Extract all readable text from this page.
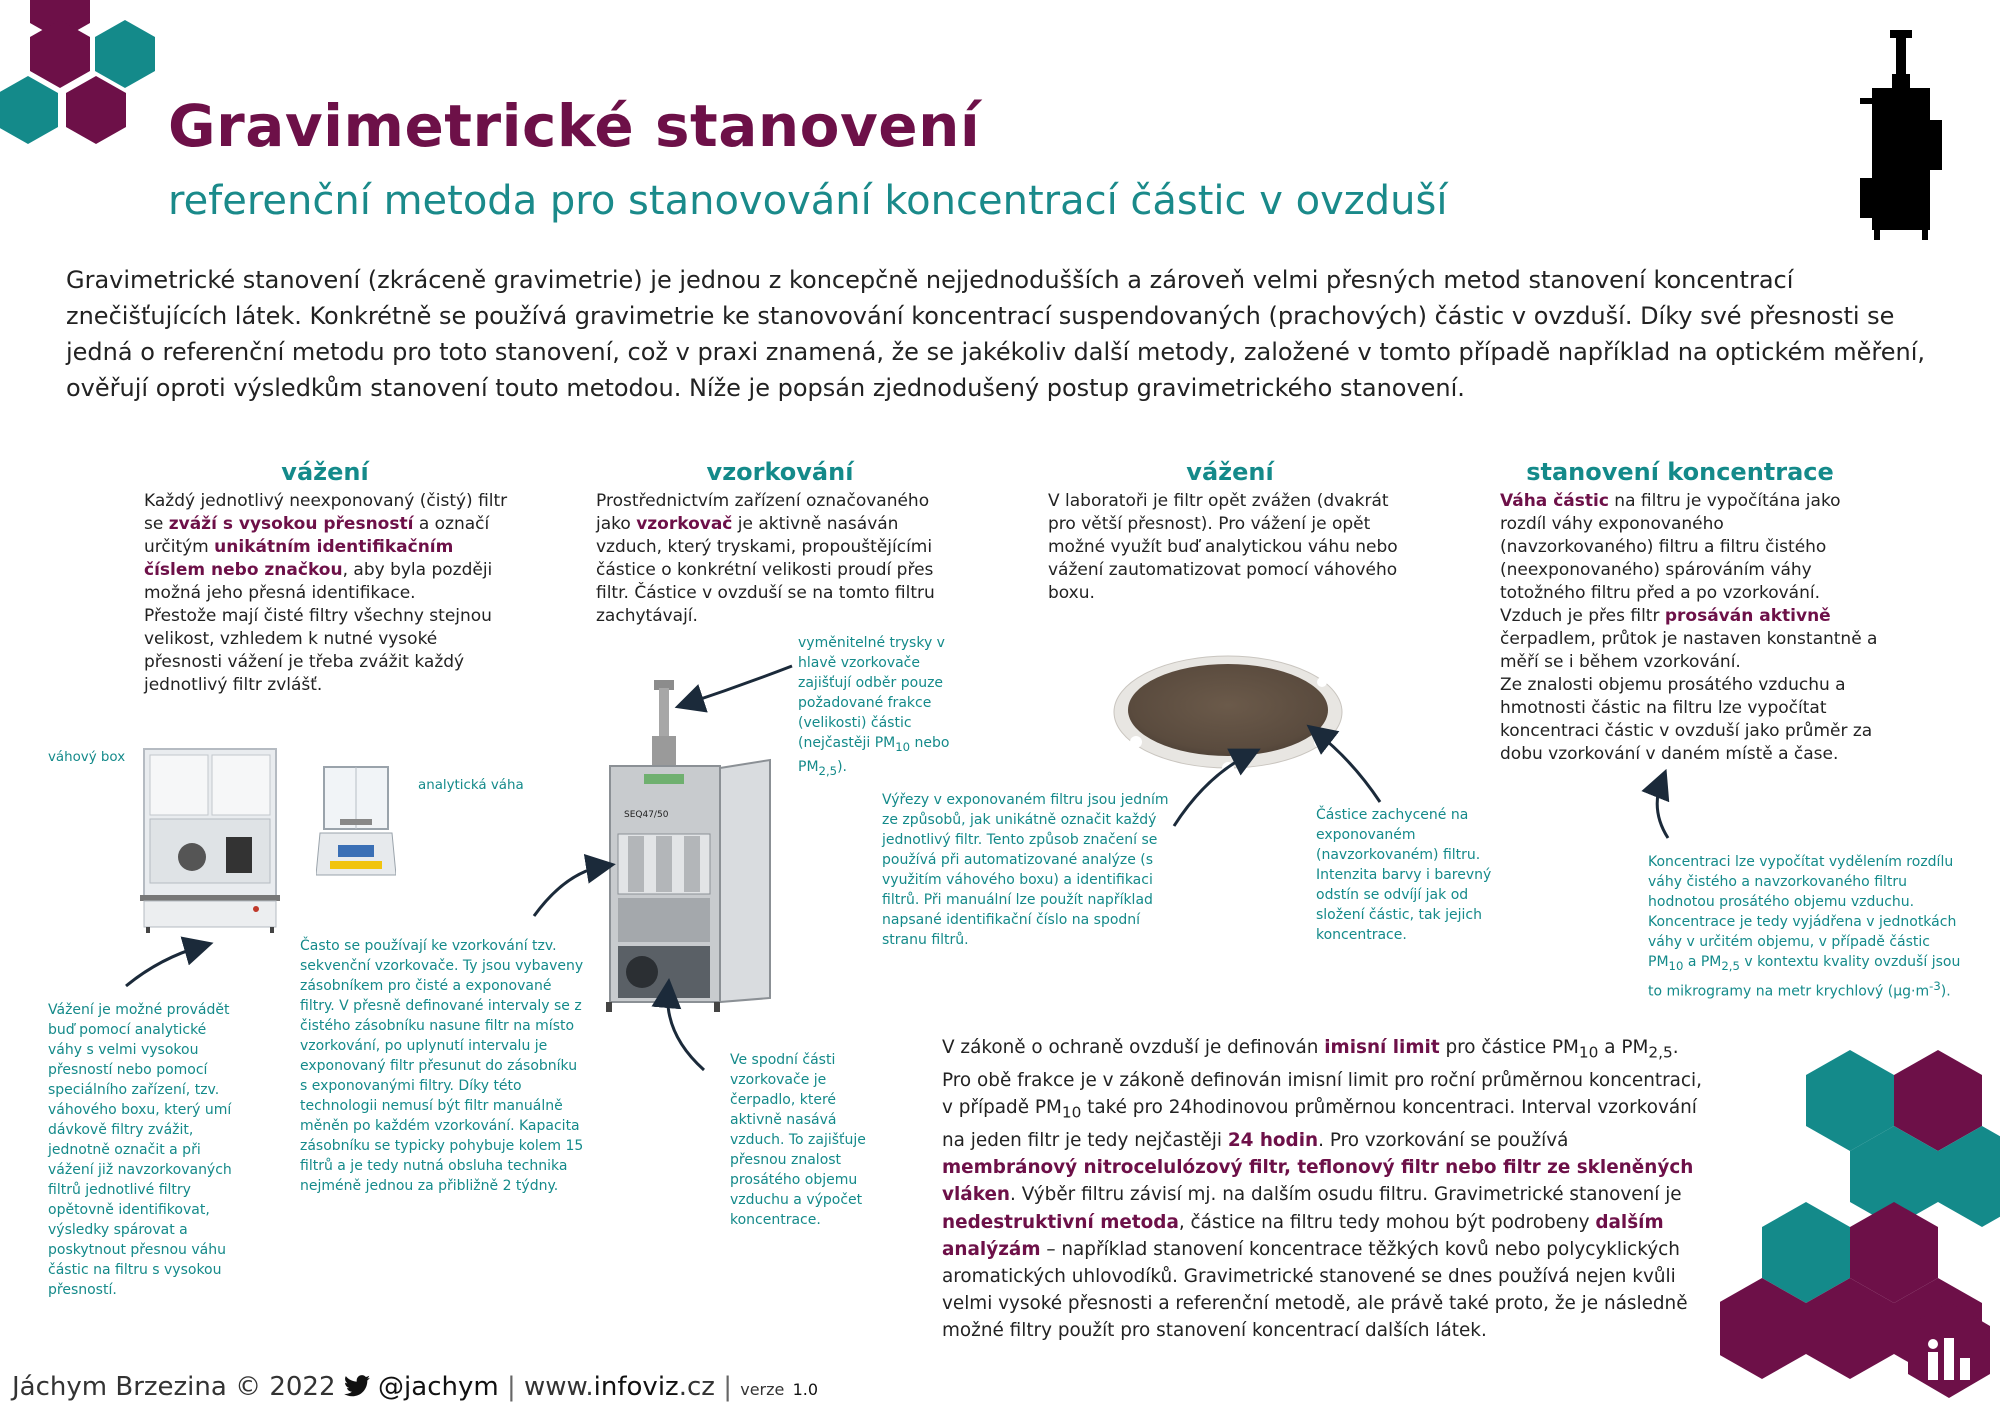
Gravimetrické stanovení
referenční metoda pro stanovování koncentrací částic v ovzduší
Gravimetrické stanovení (zkráceně gravimetrie) je jednou z koncepčně nejjednodušších a zároveň velmi přesných metod stanovení koncentrací znečišťujících látek. Konkrétně se používá gravimetrie ke stanovování koncentrací suspendovaných (prachových) částic v ovzduší. Díky své přesnosti se jedná o referenční metodu pro toto stanovení, což v praxi znamená, že se jakékoliv další metody, založené v tomto případě například na optickém měření, ověřují oproti výsledkům stanovení touto metodou. Níže je popsán zjednodušený postup gravimetrického stanovení.
vážení	vzorkování	vážení	stanovení koncentrace
Každý jednotlivý neexponovaný (čistý) filtr se zváží s vysokou přesností a označí určitým unikátním identifikačním číslem nebo značkou, aby byla později možná jeho přesná identifikace.
Přestože mají čisté filtry všechny stejnou velikost, vzhledem k nutné vysoké přesnosti vážení je třeba zvážit každý jednotlivý filtr zvlášť.
Prostřednictvím zařízení označovaného jako vzorkovač je aktivně nasáván vzduch, který tryskami, propouštějícími částice o konkrétní velikosti proudí přes filtr. Částice v ovzduší se na tomto filtru zachytávají.
V laboratoři je filtr opět zvážen (dvakrát pro větší přesnost). Pro vážení je opět možné využít buď analytickou váhu nebo vážení zautomatizovat pomocí váhového boxu.
Váha částic na filtru je vypočítána jako rozdíl váhy exponovaného (navzorkovaného) filtru a filtru čistého (neexponovaného) spárováním váhy totožného filtru před a po vzorkování.
Vzduch je přes filtr prosáván aktivně čerpadlem, průtok je nastaven konstantně a měří se i během vzorkování.
Ze znalosti objemu prosátého vzduchu a hmotnosti částic na filtru lze vypočítat koncentraci částic v ovzduší jako průměr za dobu vzorkování v daném místě a čase.
váhový box
analytická váha
SEQ47/50
Vážení je možné provádět buď pomocí analytické váhy s velmi vysokou přesností nebo pomocí speciálního zařízení, tzv. váhového boxu, který umí dávkově filtry zvážit, jednotně označit a při vážení již navzorkovaných filtrů jednotlivé filtry opětovně identifikovat, výsledky spárovat a poskytnout přesnou váhu částic na filtru s vysokou přesností.
Často se používají ke vzorkování tzv. sekvenční vzorkovače. Ty jsou vybaveny zásobníkem pro čisté a exponované filtry. V přesně definované intervaly se z čistého zásobníku nasune filtr na místo vzorkování, po uplynutí intervalu je exponovaný filtr přesunut do zásobníku s exponovanými filtry. Díky této technologii nemusí být filtr manuálně měněn po každém vzorkování. Kapacita zásobníku se typicky pohybuje kolem 15 filtrů a je tedy nutná obsluha technika nejméně jednou za přibližně 2 týdny.
vyměnitelné trysky v hlavě vzorkovače zajišťují odběr pouze požadované frakce (velikosti) částic (nejčastěji $PM_{10}$ nebo $PM_{2,5}$).
Ve spodní části vzorkovače je čerpadlo, které aktivně nasává vzduch. To zajišťuje přesnou znalost prosátého objemu vzduchu a výpočet koncentrace.
Výřezy v exponovaném filtru jsou jedním ze způsobů, jak unikátně označit každý jednotlivý filtr. Tento způsob značení se používá při automatizované analýze (s využitím váhového boxu) a identifikaci filtrů. Při manuální lze použít například napsané identifikační číslo na spodní stranu filtrů.
Částice zachycené na exponovaném (navzorkovaném) filtru. Intenzita barvy i barevný odstín se odvíjí jak od složení částic, tak jejich koncentrace.
Koncentraci lze vypočítat vydělením rozdílu váhy čistého a navzorkovaného filtru hodnotou prosátého objemu vzduchu. Koncentrace je tedy vyjádřena v jednotkách váhy v určitém objemu, v případě částic $PM_{10}$ a $PM_{2,5}$ v kontextu kvality ovzduší jsou to mikrogramy na metr krychlový $(\mu g\cdot m^{-3})$.
V zákoně o ochraně ovzduší je definován imisní limit pro částice $PM_{10}$ a $PM_{2,5}$. Pro obě frakce je v zákoně definován imisní limit pro roční průměrnou koncentraci, v případě $PM_{10}$ také pro 24hodinovou průměrnou koncentraci. Interval vzorkování na jeden filtr je tedy nejčastěji 24 hodin. Pro vzorkování se používá membránový nitrocelulózový filtr, teflonový filtr nebo filtr ze skleněných vláken. Výběr filtru závisí mj. na dalším osudu filtru. Gravimetrické stanovení je nedestruktivní metoda, částice na filtru tedy mohou být podrobeny dalším analýzám – například stanovení koncentrace těžkých kovů nebo polycyklických aromatických uhlovodíků. Gravimetrické stanovené se dnes používá nejen kvůli velmi vysoké přesnosti a referenční metodě, ale právě také proto, že je následně možné filtry použít pro stanovení koncentrací dalších látek.
Jáchym Brzezina © 2022 @jachym | www.infoviz.cz | verze 1.0
